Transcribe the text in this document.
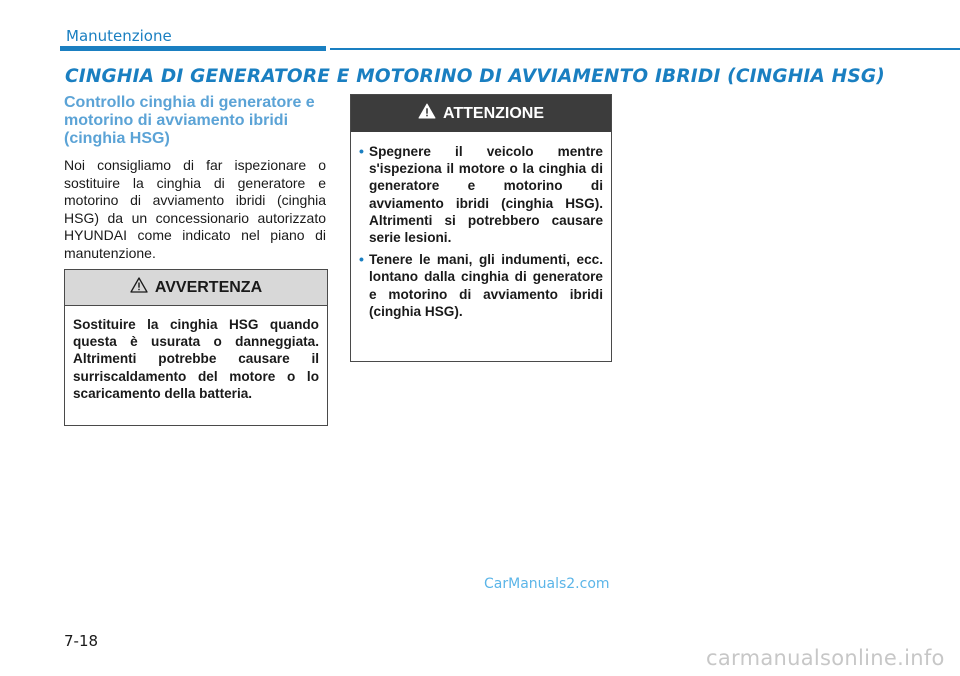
Manutenzione
CINGHIA DI GENERATORE E MOTORINO DI AVVIAMENTO IBRIDI (CINGHIA HSG)

Controllo cinghia di generatore e motorino di avviamento ibridi (cinghia HSG)

Noi consigliamo di far ispezionare o sostituire la cinghia di generatore e motorino di avviamento ibridi (cinghia HSG) da un concessionario autorizzato HYUNDAI come indicato nel piano di manutenzione.

AVVERTENZA
Sostituire la cinghia HSG quando questa è usurata o danneggiata. Altrimenti potrebbe causare il surriscaldamento del motore o lo scaricamento della batteria.
ATTENZIONE
• Spegnere il veicolo mentre s'ispeziona il motore o la cinghia di generatore e motorino di avviamento ibridi (cinghia HSG). Altrimenti si potrebbero causare serie lesioni.
• Tenere le mani, gli indumenti, ecc. lontano dalla cinghia di generatore e motorino di avviamento ibridi (cinghia HSG).
CarManuals2.com
7-18
carmanualsonline.info
